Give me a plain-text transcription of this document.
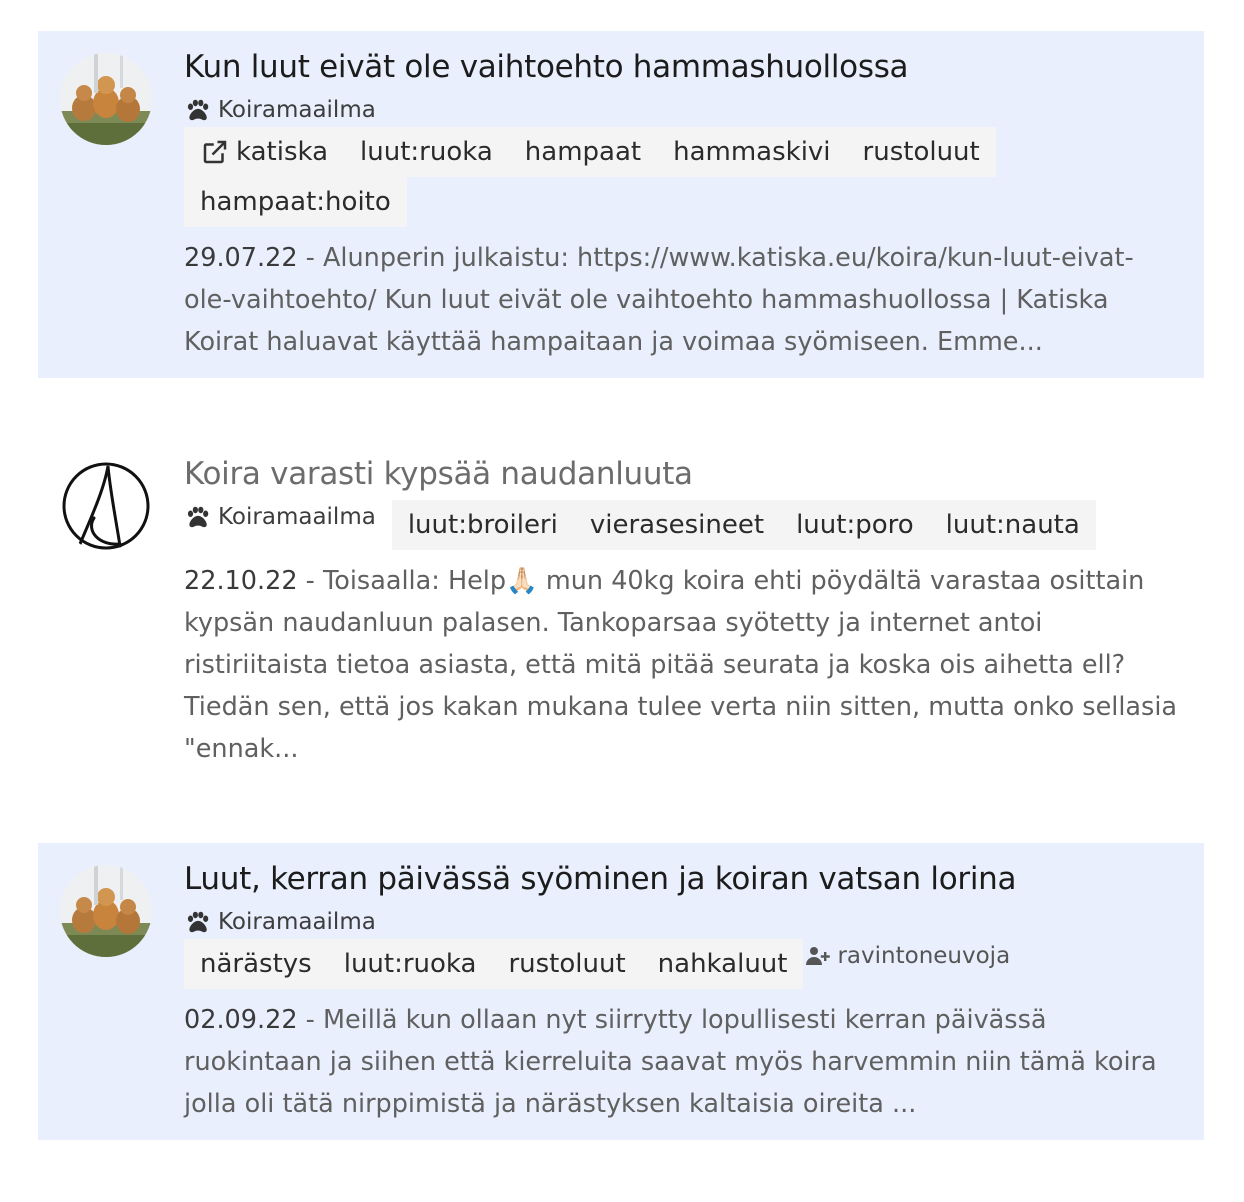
Kun luut eivät ole vaihtoehto hammashuollossa
Koiramaailma
katiska	luut:ruoka	hampaat	hammaskivi	rustoluut
hampaat:hoito
29.07.22 - Alunperin julkaistu: https://www.katiska.eu/koira/kun-luut-eivat-ole-vaihtoehto/ Kun luut eivät ole vaihtoehto hammashuollossa | Katiska Koirat haluavat käyttää hampaitaan ja voimaa syömiseen. Emme...
Koira varasti kypsää naudanluuta
Koiramaailma	luut:broileri	vierasesineet	luut:poro	luut:nauta
22.10.22 - Toisaalla: Help🙏🏻 mun 40kg koira ehti pöydältä varastaa osittain kypsän naudanluun palasen. Tankoparsaa syötetty ja internet antoi ristiriitaista tietoa asiasta, että mitä pitää seurata ja koska ois aihetta ell? Tiedän sen, että jos kakan mukana tulee verta niin sitten, mutta onko sellasia "ennak...
Luut, kerran päivässä syöminen ja koiran vatsan lorina
Koiramaailma
närästys	luut:ruoka	rustoluut	nahkaluut	ravintoneuvoja
02.09.22 - Meillä kun ollaan nyt siirrytty lopullisesti kerran päivässä ruokintaan ja siihen että kierreluita saavat myös harvemmin niin tämä koira jolla oli tätä nirppimistä ja närästyksen kaltaisia oireita ...
